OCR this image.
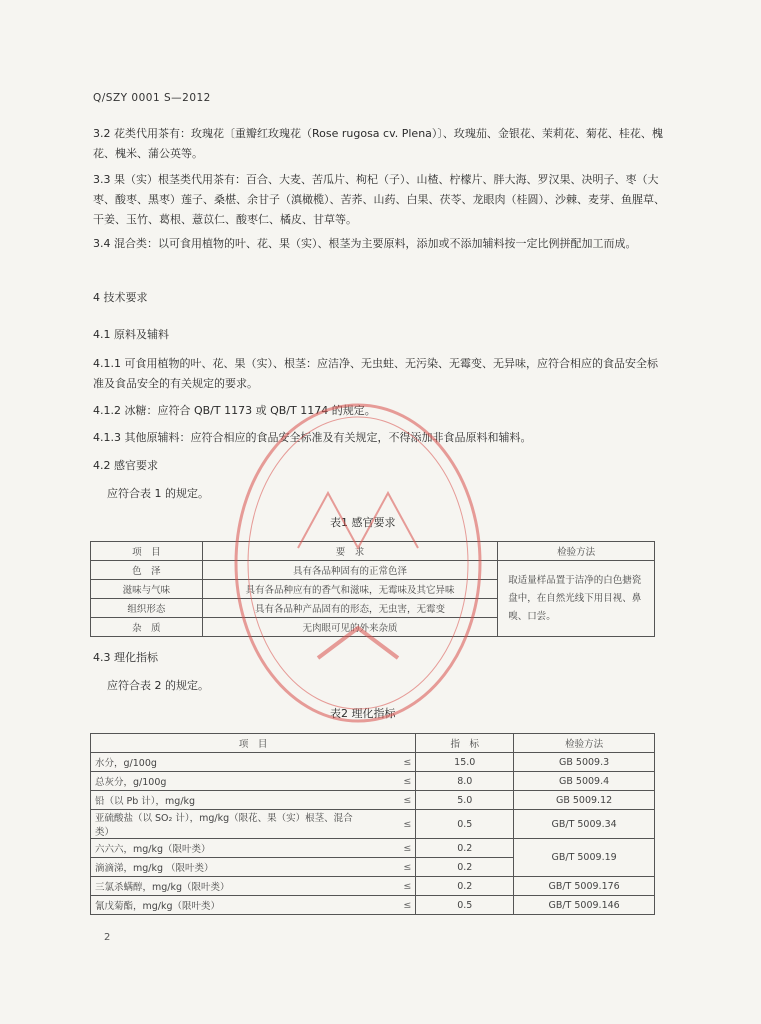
Q/SZY 0001 S—2012
3.2 花类代用茶有：玫瑰花〔重瓣红玫瑰花（Rose rugosa cv. Plena）〕、玫瑰茄、金银花、茉莉花、菊花、桂花、槐花、槐米、蒲公英等。
3.3 果（实）根茎类代用茶有：百合、大麦、苦瓜片、枸杞（子）、山楂、柠檬片、胖大海、罗汉果、决明子、枣（大枣、酸枣、黑枣）莲子、桑椹、余甘子（滇橄榄）、苦荞、山药、白果、茯苓、龙眼肉（桂圆）、沙棘、麦芽、鱼腥草、干姜、玉竹、葛根、薏苡仁、酸枣仁、橘皮、甘草等。
3.4 混合类：以可食用植物的叶、花、果（实）、根茎为主要原料，添加或不添加辅料按一定比例拼配加工而成。
4 技术要求
4.1 原料及辅料
4.1.1 可食用植物的叶、花、果（实）、根茎：应洁净、无虫蛀、无污染、无霉变、无异味，应符合相应的食品安全标准及食品安全的有关规定的要求。
4.1.2 冰糖：应符合 QB/T 1173 或 QB/T 1174 的规定。
4.1.3 其他原辅料：应符合相应的食品安全标准及有关规定，不得添加非食品原料和辅料。
4.2 感官要求
应符合表 1 的规定。
表1 感官要求
项　目	要　求	检验方法
色　泽	具有各品种固有的正常色泽	取适量样品置于洁净的白色搪瓷盘中，在自然光线下用目视、鼻嗅、口尝。
滋味与气味	具有各品种应有的香气和滋味，无霉味及其它异味	
组织形态	具有各品种产品固有的形态，无虫害，无霉变	
杂　质	无肉眼可见的外来杂质	
4.3 理化指标
应符合表 2 的规定。
表2 理化指标
项　目		指　标	检验方法
水分，g/100g	≤	15.0	GB 5009.3
总灰分，g/100g	≤	8.0	GB 5009.4
铅（以 Pb 计），mg/kg	≤	5.0	GB 5009.12
亚硫酸盐（以 SO₂ 计），mg/kg（限花、果（实）根茎、混合类）	≤	0.5	GB/T 5009.34
六六六，mg/kg（限叶类）	≤	0.2	GB/T 5009.19
滴滴涕，mg/kg （限叶类）	≤	0.2	
三氯杀螨醇，mg/kg（限叶类）	≤	0.2	GB/T 5009.176
氰戊菊酯，mg/kg（限叶类）	≤	0.5	GB/T 5009.146
2
